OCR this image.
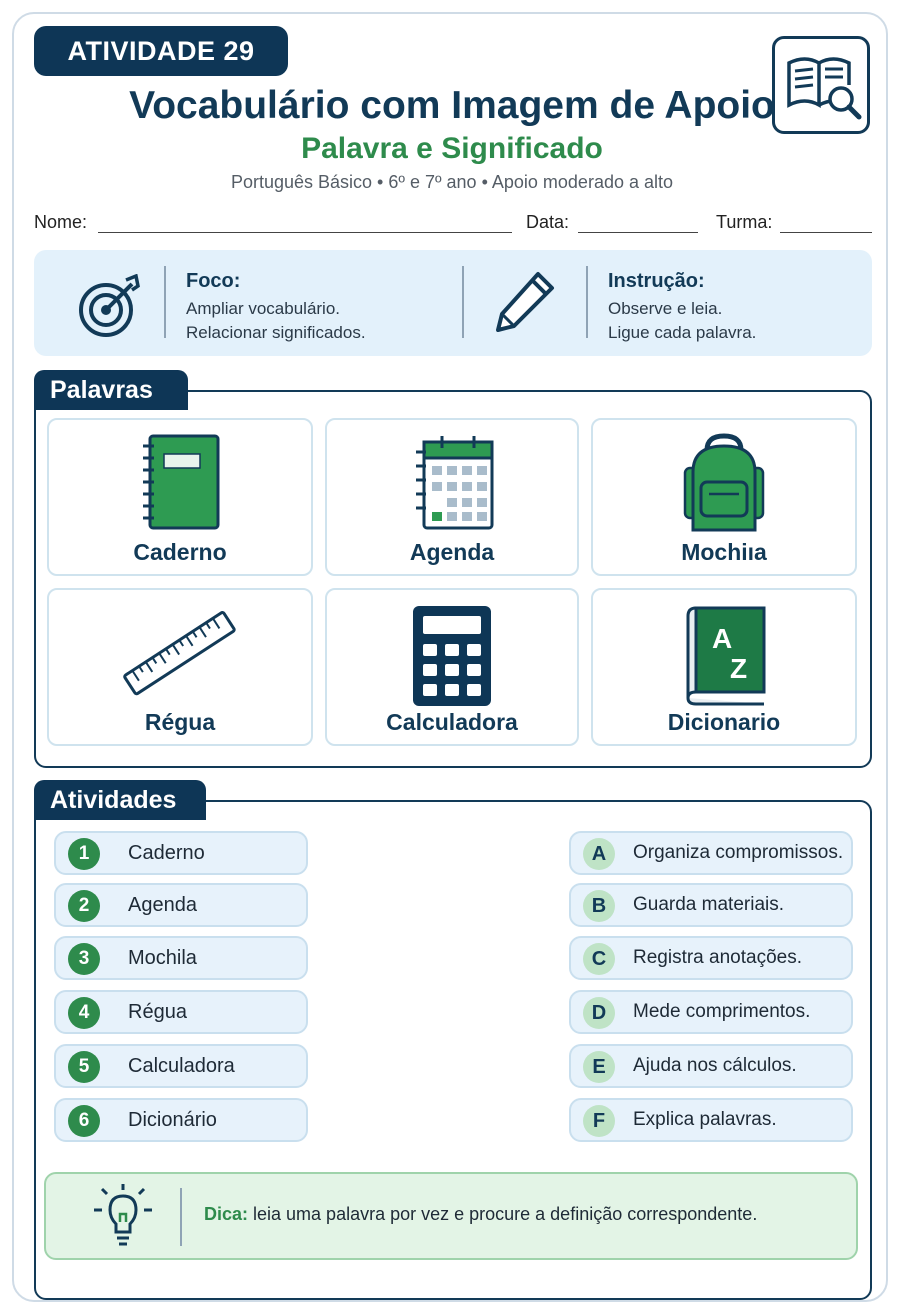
ATIVIDADE 29
Vocabulário com Imagem de Apoio
Palavra e Significado
Português Básico • 6º e 7º ano • Apoio moderado a alto
Nome:	Data:	Turma:
Foco:
Ampliar vocabulário.
Relacionar significados.
Instrução:
Observe e leia.
Ligue cada palavra.
Palavras
Caderno	Agenda	Mochiıa
Régua	Calculadora
A
Z
Dicionario
Atividades
1	Caderno
2	Agenda
3	Mochila
4	Régua
5	Calculadora
6	Dicionário
A	Organiza compromissos.
B	Guarda materiais.
C	Registra anotações.
D	Mede comprimentos.
E	Ajuda nos cálculos.
F	Explica palavras.
Dica: leia uma palavra por vez e procure a definição correspondente.
